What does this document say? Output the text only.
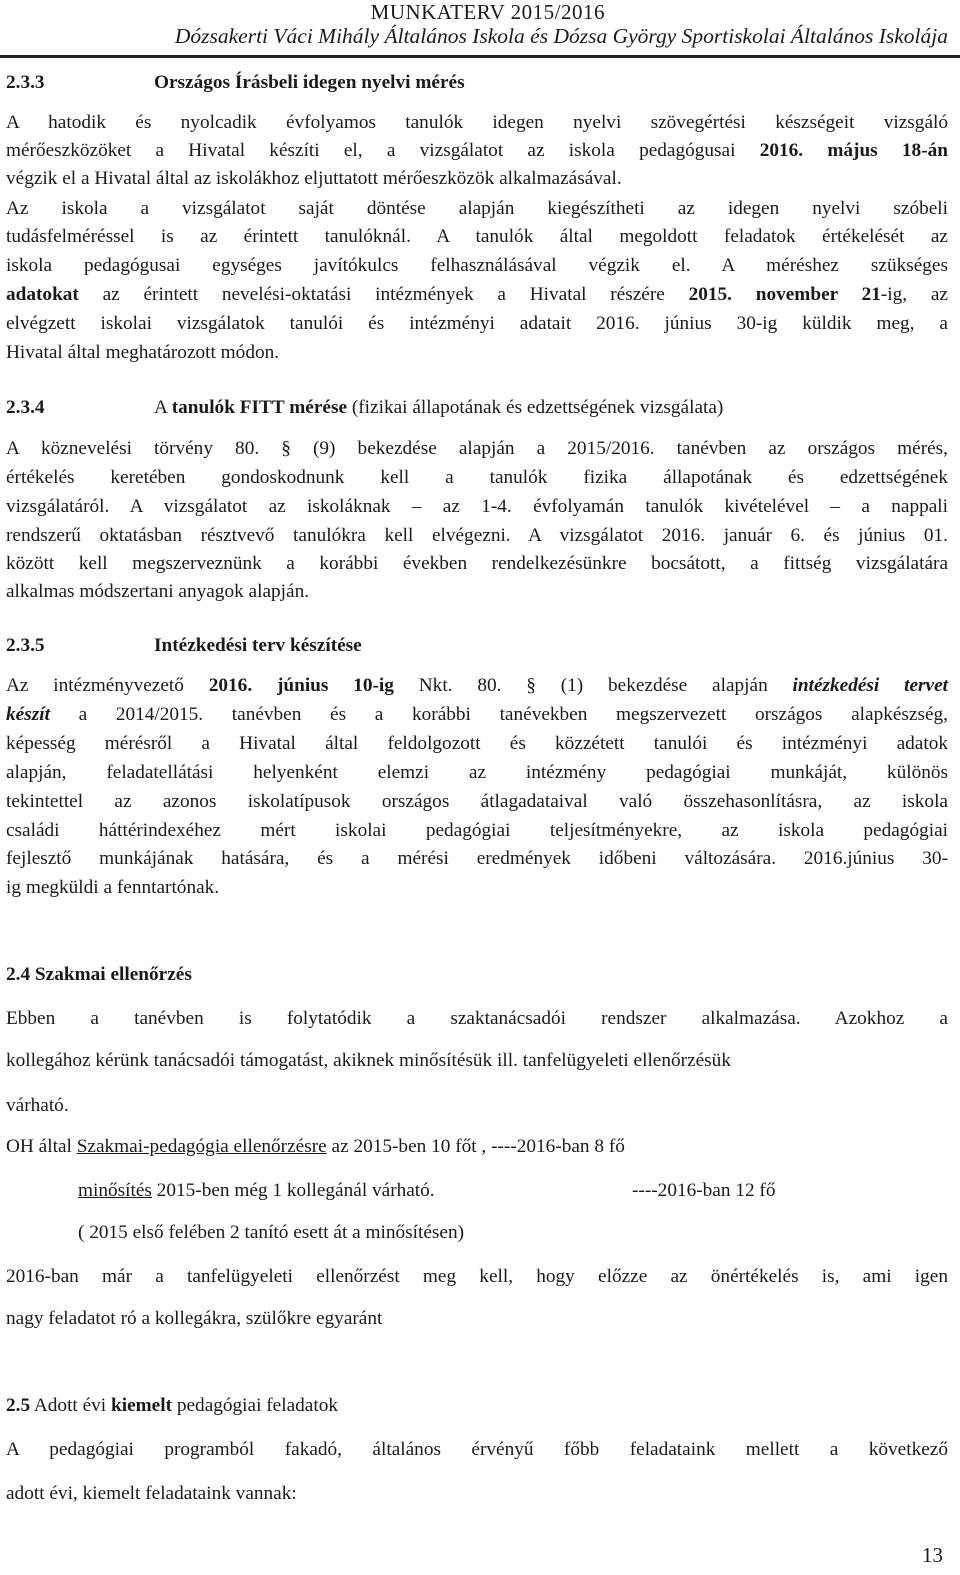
MUNKATERV 2015/2016
Dózsakerti Váci Mihály Általános Iskola és Dózsa György Sportiskolai Általános Iskolája
2.3.3	Országos Írásbeli idegen nyelvi mérés
A hatodik és nyolcadik évfolyamos tanulók idegen nyelvi szövegértési készségeit vizsgáló
mérőeszközöket a Hivatal készíti el, a vizsgálatot az iskola pedagógusai 2016. május 18-án
végzik el a Hivatal által az iskolákhoz eljuttatott mérőeszközök alkalmazásával.
Az iskola a vizsgálatot saját döntése alapján kiegészítheti az idegen nyelvi szóbeli
tudásfelméréssel is az érintett tanulóknál. A tanulók által megoldott feladatok értékelését az
iskola pedagógusai egységes javítókulcs felhasználásával végzik el. A méréshez szükséges
adatokat az érintett nevelési-oktatási intézmények a Hivatal részére 2015. november 21-ig, az
elvégzett iskolai vizsgálatok tanulói és intézményi adatait 2016. június 30-ig küldik meg, a
Hivatal által meghatározott módon.
2.3.4	A tanulók FITT mérése (fizikai állapotának és edzettségének vizsgálata)
A köznevelési törvény 80. § (9) bekezdése alapján a 2015/2016. tanévben az országos mérés,
értékelés keretében gondoskodnunk kell a tanulók fizika állapotának és edzettségének
vizsgálatáról. A vizsgálatot az iskoláknak – az 1-4. évfolyamán tanulók kivételével – a nappali
rendszerű oktatásban résztvevő tanulókra kell elvégezni. A vizsgálatot 2016. január 6. és június 01.
között kell megszerveznünk a korábbi években rendelkezésünkre bocsátott, a fittség vizsgálatára
alkalmas módszertani anyagok alapján.
2.3.5	Intézkedési terv készítése
Az intézményvezető 2016. június 10-ig Nkt. 80. § (1) bekezdése alapján intézkedési tervet
készít a 2014/2015. tanévben és a korábbi tanévekben megszervezett országos alapkészség,
képesség mérésről a Hivatal által feldolgozott és közzétett tanulói és intézményi adatok
alapján, feladatellátási helyenként elemzi az intézmény pedagógiai munkáját, különös
tekintettel az azonos iskolatípusok országos átlagadataival való összehasonlításra, az iskola
családi háttérindexéhez mért iskolai pedagógiai teljesítményekre, az iskola pedagógiai
fejlesztő munkájának hatására, és a mérési eredmények időbeni változására. 2016.június 30-
ig megküldi a fenntartónak.
2.4 Szakmai ellenőrzés
Ebben a tanévben is folytatódik a szaktanácsadói rendszer alkalmazása. Azokhoz a
kollegához kérünk tanácsadói támogatást, akiknek minősítésük ill. tanfelügyeleti ellenőrzésük
várható.
OH által Szakmai-pedagógia ellenőrzésre az 2015-ben 10 főt , ----2016-ban 8 fő
minősítés 2015-ben még 1 kollegánál várható.	----2016-ban 12 fő
( 2015 első felében 2 tanító esett át a minősítésen)
2016-ban már a tanfelügyeleti ellenőrzést meg kell, hogy előzze az önértékelés is, ami igen
nagy feladatot ró a kollegákra, szülőkre egyaránt
2.5 Adott évi kiemelt pedagógiai feladatok
A pedagógiai programból fakadó, általános érvényű főbb feladataink mellett a következő
adott évi, kiemelt feladataink vannak:
13
